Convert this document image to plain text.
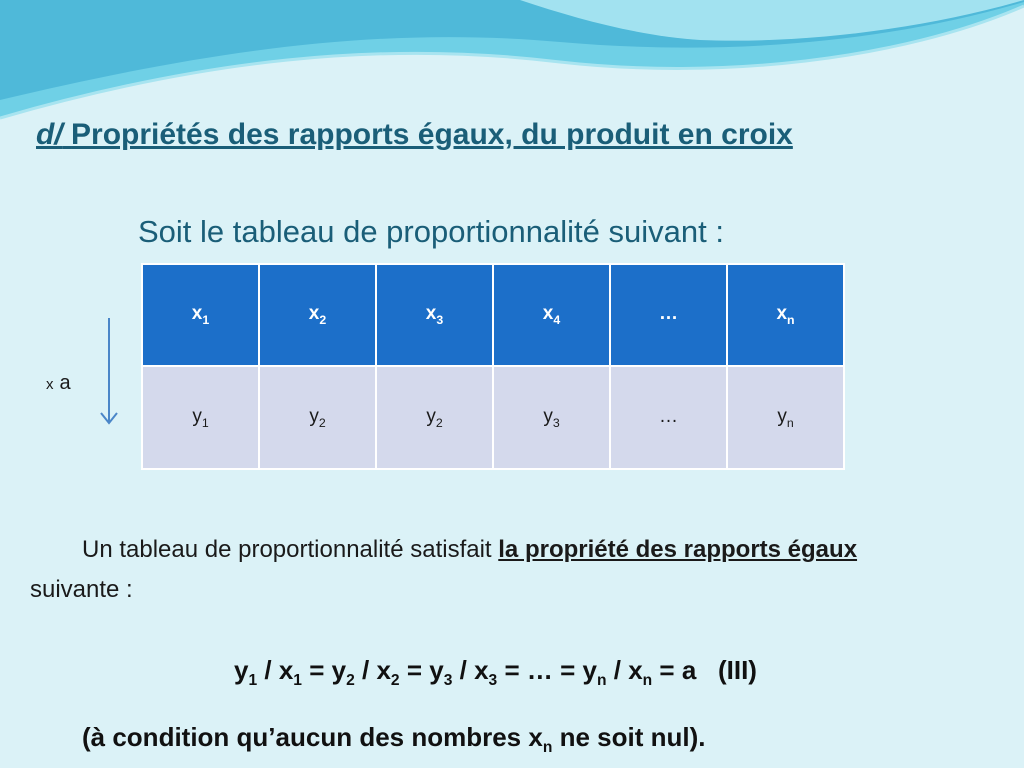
d/ Propriétés des rapports égaux, du produit en croix
Soit le tableau de proportionnalité suivant :
x a
$x_1$	$x_2$	$x_3$	$x_4$	…	$x_n$
$y_1$	$y_2$	$y_2$	$y_3$	…	$y_n$
Un tableau de proportionnalité satisfait la propriété des rapports égaux suivante :
$y_1 / x_1 = y_2 / x_2 = y_3 / x_3$ = … = $y_n / x_n = a$ (III)
(à condition qu’aucun des nombres $x_n$ ne soit nul).
